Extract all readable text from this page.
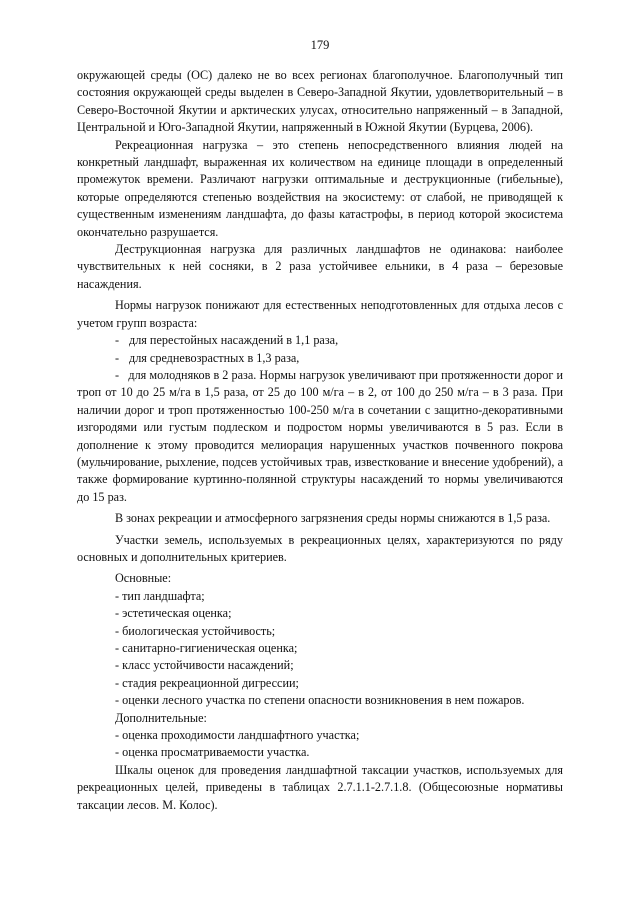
179

окружающей среды (ОС) далеко не во всех регионах благополучное. Благополучный тип состояния окружающей среды выделен в Северо-Западной Якутии, удовлетворительный – в Северо-Восточной Якутии и арктических улусах, относительно напряженный – в Западной, Центральной и Юго-Западной Якутии, напряженный в Южной Якутии (Бурцева, 2006).

Рекреационная нагрузка – это степень непосредственного влияния людей на конкретный ландшафт, выраженная их количеством на единице площади в определенный промежуток времени. Различают нагрузки оптимальные и деструкционные (гибельные), которые определяются степенью воздействия на экосистему: от слабой, не приводящей к существенным изменениям ландшафта, до фазы катастрофы, в период которой экосистема окончательно разрушается.

Деструкционная нагрузка для различных ландшафтов не одинакова: наиболее чувствительных к ней сосняки, в 2 раза устойчивее ельники, в 4 раза – березовые насаждения.

Нормы нагрузок понижают для естественных неподготовленных для отдыха лесов с учетом групп возраста:

- для перестойных насаждений в 1,1 раза,
- для средневозрастных в 1,3 раза,

- для молодняков в 2 раза. Нормы нагрузок увеличивают при протяженности дорог и троп от 10 до 25 м/га в 1,5 раза, от 25 до 100 м/га – в 2, от 100 до 250 м/га – в 3 раза. При наличии дорог и троп протяженностью 100-250 м/га в сочетании с защитно-декоративными изгородями или густым подлеском и подростом нормы увеличиваются в 5 раз. Если в дополнение к этому проводится мелиорация нарушенных участков почвенного покрова (мульчирование, рыхление, подсев устойчивых трав, известкование и внесение удобрений), а также формирование куртинно-полянной структуры насаждений то нормы увеличиваются до 15 раз.

В зонах рекреации и атмосферного загрязнения среды нормы снижаются в 1,5 раза.

Участки земель, используемых в рекреационных целях, характеризуются по ряду основных и дополнительных критериев.

Основные:
- тип ландшафта;
- эстетическая оценка;
- биологическая устойчивость;
- санитарно-гигиеническая оценка;
- класс устойчивости насаждений;
- стадия рекреационной дигрессии;
- оценки лесного участка по степени опасности возникновения в нем пожаров.
Дополнительные:
- оценка проходимости ландшафтного участка;
- оценка просматриваемости участка.

Шкалы оценок для проведения ландшафтной таксации участков, используемых для рекреационных целей, приведены в таблицах 2.7.1.1-2.7.1.8. (Общесоюзные нормативы таксации лесов. М. Колос).
